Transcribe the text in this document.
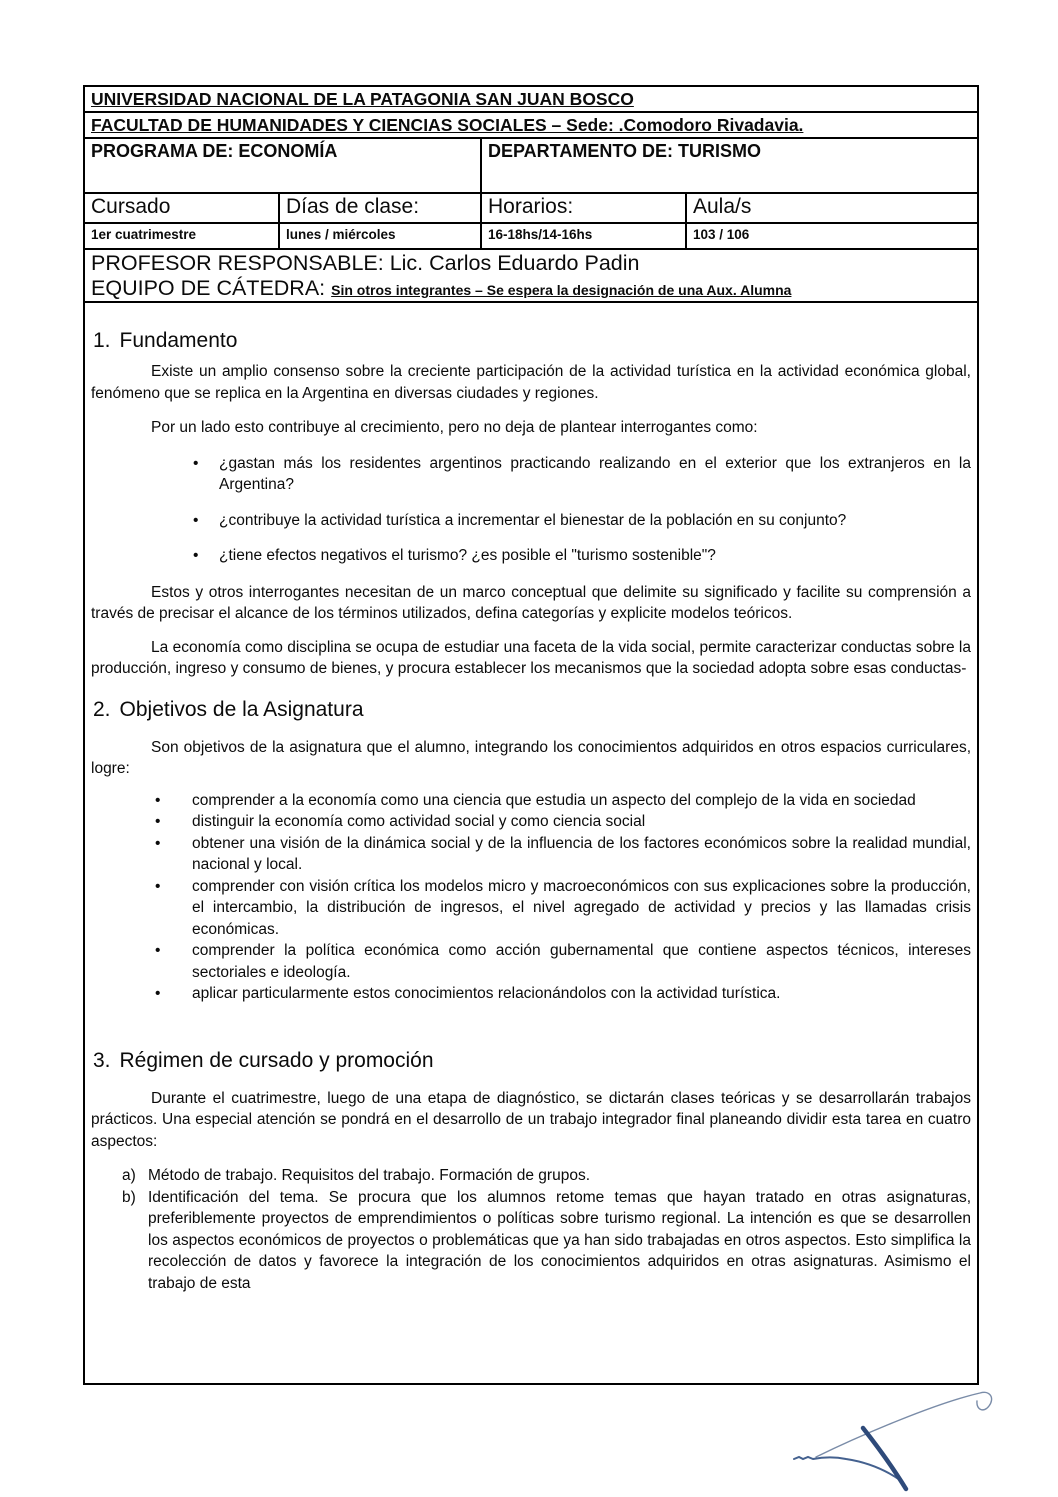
UNIVERSIDAD NACIONAL DE LA PATAGONIA SAN JUAN BOSCO
FACULTAD DE HUMANIDADES Y CIENCIAS SOCIALES – Sede: .Comodoro Rivadavia.
PROGRAMA DE: ECONOMÍA	DEPARTAMENTO DE: TURISMO
Cursado	Días de clase:	Horarios:	Aula/s
1er cuatrimestre	lunes / miércoles	16-18hs/14-16hs	103 / 106
PROFESOR RESPONSABLE: Lic. Carlos Eduardo Padin
EQUIPO DE CÁTEDRA: Sin otros integrantes – Se espera la designación de una Aux. Alumna
1. Fundamento

Existe un amplio consenso sobre la creciente participación de la actividad turística en la actividad económica global, fenómeno que se replica en la Argentina en diversas ciudades y regiones.

Por un lado esto contribuye al crecimiento, pero no deja de plantear interrogantes como:

•	¿gastan más los residentes argentinos practicando realizando en el exterior que los extranjeros en la Argentina?
•	¿contribuye la actividad turística a incrementar el bienestar de la población en su conjunto?
•	¿tiene efectos negativos el turismo? ¿es posible el "turismo sostenible"?

Estos y otros interrogantes necesitan de un marco conceptual que delimite su significado y facilite su comprensión a través de precisar el alcance de los términos utilizados, defina categorías y explicite modelos teóricos.

La economía como disciplina se ocupa de estudiar una faceta de la vida social, permite caracterizar conductas sobre la producción, ingreso y consumo de bienes, y procura establecer los mecanismos que la sociedad adopta sobre esas conductas-

2. Objetivos de la Asignatura

Son objetivos de la asignatura que el alumno, integrando los conocimientos adquiridos en otros espacios curriculares, logre:

•	comprender a la economía como una ciencia que estudia un aspecto del complejo de la vida en sociedad
•	distinguir la economía como actividad social y como ciencia social
•	obtener una visión de la dinámica social y de la influencia de los factores económicos sobre la realidad mundial, nacional y local.
•	comprender con visión crítica los modelos micro y macroeconómicos con sus explicaciones sobre la producción, el intercambio, la distribución de ingresos, el nivel agregado de actividad y precios y las llamadas crisis económicas.
•	comprender la política económica como acción gubernamental que contiene aspectos técnicos, intereses sectoriales e ideología.
•	aplicar particularmente estos conocimientos relacionándolos con la actividad turística.
3. Régimen de cursado y promoción

Durante el cuatrimestre, luego de una etapa de diagnóstico, se dictarán clases teóricas y se desarrollarán trabajos prácticos. Una especial atención se pondrá en el desarrollo de un trabajo integrador final planeando dividir esta tarea en cuatro aspectos:

a) Método de trabajo. Requisitos del trabajo. Formación de grupos.
b) Identificación del tema. Se procura que los alumnos retome temas que hayan tratado en otras asignaturas, preferiblemente proyectos de emprendimientos o políticas sobre turismo regional. La intención es que se desarrollen los aspectos económicos de proyectos o problemáticas que ya han sido trabajadas en otros aspectos. Esto simplifica la recolección de datos y favorece la integración de los conocimientos adquiridos en otras asignaturas. Asimismo el trabajo de esta
